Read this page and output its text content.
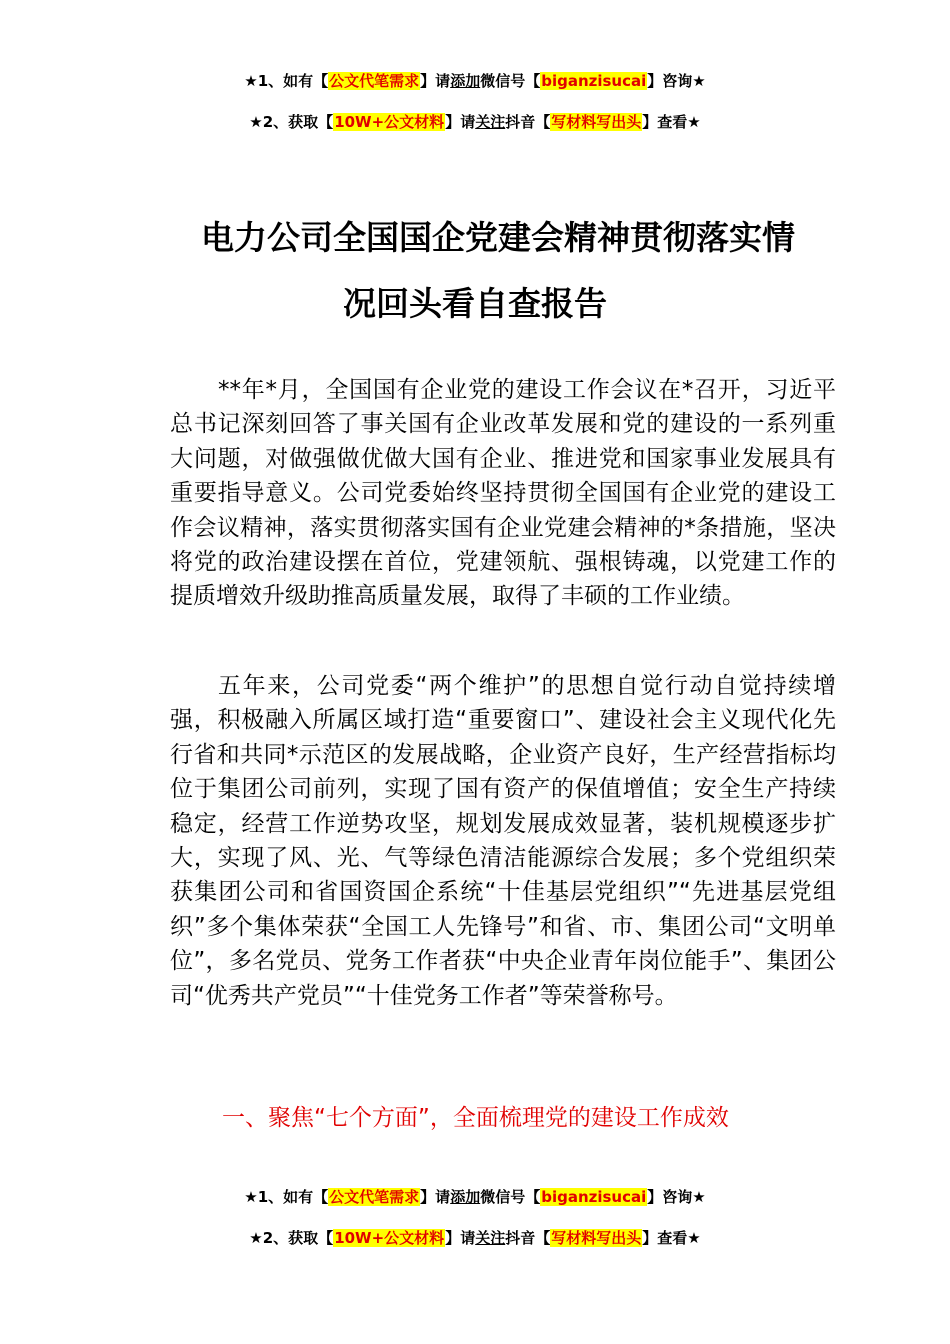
★1、如有【公文代笔需求】请添加微信号【biganzisucai】咨询★
★2、获取【10W+公文材料】请关注抖音【写材料写出头】查看★
电力公司全国国企党建会精神贯彻落实情
况回头看自查报告

**年*月，全国国有企业党的建设工作会议在*召开，习近平总书记深刻回答了事关国有企业改革发展和党的建设的一系列重大问题，对做强做优做大国有企业、推进党和国家事业发展具有重要指导意义。公司党委始终坚持贯彻全国国有企业党的建设工作会议精神，落实贯彻落实国有企业党建会精神的*条措施，坚决将党的政治建设摆在首位，党建领航、强根铸魂，以党建工作的提质增效升级助推高质量发展，取得了丰硕的工作业绩。

五年来，公司党委“两个维护”的思想自觉行动自觉持续增强，积极融入所属区域打造“重要窗口”、建设社会主义现代化先行省和共同*示范区的发展战略，企业资产良好，生产经营指标均位于集团公司前列，实现了国有资产的保值增值；安全生产持续稳定，经营工作逆势攻坚，规划发展成效显著，装机规模逐步扩大，实现了风、光、气等绿色清洁能源综合发展；多个党组织荣获集团公司和省国资国企系统“十佳基层党组织”“先进基层党组织”多个集体荣获“全国工人先锋号”和省、市、集团公司“文明单位”，多名党员、党务工作者获“中央企业青年岗位能手”、集团公司“优秀共产党员”“十佳党务工作者”等荣誉称号。

一、聚焦“七个方面”，全面梳理党的建设工作成效
★1、如有【公文代笔需求】请添加微信号【biganzisucai】咨询★
★2、获取【10W+公文材料】请关注抖音【写材料写出头】查看★
